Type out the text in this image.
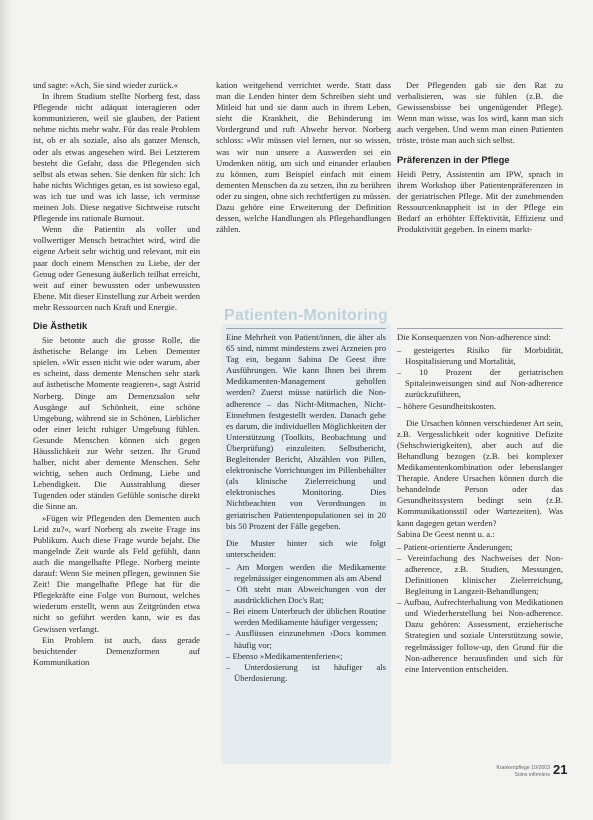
und sagte: »Ach, Sie sind wieder zurück.«

In ihrem Studium stellte Norberg fest, dass Pflegende nicht adäquat interagieren oder kommunizieren, weil sie glauben, der Patient nehme nichts mehr wahr. Für das reale Problem ist, ob er als soziale, also als ganzer Mensch, oder als etwas angesehen wird. Bei Letzterem besteht die Gefahr, dass die Pflegenden sich selbst als etwas sehen. Sie denken für sich: Ich habe nichts Wichtiges getan, es ist sowieso egal, was ich tue und was ich lasse, ich vermisse meinen Job. Diese negative Sichtweise rutscht Pflegende ins rationale Burnout.

Wenn die Patientin als voller und vollwertiger Mensch betrachtet wird, wird die eigene Arbeit sehr wichtig und relevant, mit ein paar doch einem Menschen zu Liebe, der der Genug oder Genesung äußerlich teilhat erreicht, weit auf einer bewussten oder unbewussten Ebene. Mit dieser Einstellung zur Arbeit werden mehr Ressourcen nach Kraft und Energie.

Die Ästhetik

Sie betonte auch die grosse Rolle, die ästhetische Belange im Leben Dementer spielen. »Wir essen nicht wie oder warum, aber es scheint, dass demente Menschen sehr stark auf ästhetische Momente reagieren«, sagt Astrid Norberg. Dinge am Demenzsalon sehr Ausgänge auf Schönheit, eine schöne Umgebung, während sie in Schönen, Lieblicher oder einer leicht ruhiger Umgebung fühlen. Gesunde Menschen können sich gegen Häusslichkeit zur Wehr setzen. Ihr Grund halber, nicht aber demente Menschen. Sehr wichtig, sehen auch Ordnung, Liebe und Lebendigkeit. Die Ausstrahlung dieser Tugenden oder ständen Gefühle sonische direkt die Sinne an.

»Fügen wir Pflegenden den Dementen auch Leid zu?«, warf Norberg als zweite Frage ins Publikum. Auch diese Frage wurde bejaht. Die mangelnde Zeit wurde als Feld gefühlt, dann auch die mangelhafte Pflege. Norberg meinte darauf: Wenn Sie meinen pflegen, gewinnen Sie Zeit! Die mangelhafte Pflege hat für die Pflegekräfte eine Folge von Burnout, welches wiederum erstellt, wenn aus Zeitgründen etwa nicht so geführt werden kann, wie es das Gewissen verlangt.

Ein Problem ist auch, dass gerade besichtender Demenzformen auf Kommunikation

kation weitgehend verrichtet werde. Statt dass man die Lenden hinter dem Schreiben sieht und Mitleid hat und sie dann auch in ihrem Leben, sieht die Krankheit, die Behinderung im Vordergrund und ruft Abwehr hervor. Norberg schloss: »Wir müssen viel lernen, nur so wissen, was wir nun unsere a Auswerden sei ein Umdenken nötig, um sich und einander erlauben zu können, zum Beispiel einfach mit einem dementen Menschen da zu setzen, ihn zu berühren oder zu singen, ohne sich rechtfertigen zu müssen. Dazu gehöre eine Erweiterung der Definition dessen, welche Handlungen als Pflegehandlungen zählen.

Patienten-Monitoring

Eine Mehrheit von Patient/innen, die älter als 65 sind, nimmt mindestens zwei Arzneien pro Tag ein, begann Sabina De Geest ihre Ausführungen. Wie kann Ihnen bei ihrem Medikamenten-Management geholfen werden? Zuerst müsse natürlich die Non-adherence – das Nicht-Mitmachen, Nicht-Einnehmen festgestellt werden. Danach gehe es darum, die individuellen Möglichkeiten der Unterstützung (Toolkits, Beobachtung und Überprüfung) einzuleiten. Selbstbericht, Begleitender Bericht, Abzählen von Pillen, elektronische Vorrichtungen im Pillenbehälter (als klinische Zielerreichung und elektronisches Monitoring. Dies Nichtbeachten von Verordnungen in geriatrischen Patientenpopulationen sei in 20 bis 50 Prozent der Fälle gegeben.

Die Muster hinter sich wie folgt unterscheiden:

– Am Morgen werden die Medikamente regelmässiger eingenommen als am Abend
– Oft steht man Abweichungen von der ausdrücklichen Doc's Rat;
– Bei einem Unterbruch der üblichen Routine werden Medikamente häufiger vergessen;
– Ausflüssen einzunehmen ›Docs kommen häufig vor;
– Ebenso »Medikamentenferien«;
– Unterdosierung ist häufiger als Überdosierung.

Der Pflegenden gab sie den Rat zu verbalisieren, was sie fühlen (z.B. die Gewissensbisse bei ungenügender Pflege). Wenn man wisse, was los wird, kann man sich auch vergeben. Und wenn man einen Patienten tröste, tröste man auch sich selbst.

Präferenzen in der Pflege

Heidi Petry, Assistentin am IPW, sprach in ihrem Workshop über Patientenpräferenzen in der geriatrischen Pflege. Mit der zunehmenden Ressourcenknappheit ist in der Pflege ein Bedarf an erhöhter Effektivität, Effizienz und Produktivität gegeben. In einem markt-

Die Konsequenzen von Non-adherence sind:

– gesteigertes Risiko für Morbidität, Hospitalisierung und Mortalität,
– 10 Prozent der geriatrischen Spitaleinweisungen sind auf Non-adherence zurückzuführen,
– höhere Gesundheitskosten.

Die Ursachen können verschiedener Art sein, z.B. Vergesslichkeit oder kognitive Defizite (Sehschwierigkeiten), aber auch auf die Behandlung bezogen (z.B. bei komplexer Medikamentenkombination oder lebenslanger Therapie. Andere Ursachen können durch die behandelnde Person oder das Gesundheitssystem bedingt sein (z.B. Kommunikationsstil oder Wartezeiten). Was kann dagegen getan werden?

Sabina De Geest nennt u. a.:

– Patient-orientierte Änderungen;
– Vereinfachung des Nachweises der Non-adherence, z.B. Studien, Messungen, Definitionen klinischer Zielerreichung, Begleitung in Langzeit-Behandlungen;
– Aufbau, Aufrechterhaltung von Medikationen und Wiederherstellung bei Non-adherence. Dazu gehören: Assessment, erzieherische Strategien und soziale Unterstützung sowie, regelmässiger follow-up, den Grund für die Non-adherence herausfinden und sich für eine Intervention entscheiden.
Krankenpflege 10/2003
Soins infirmiers 21
